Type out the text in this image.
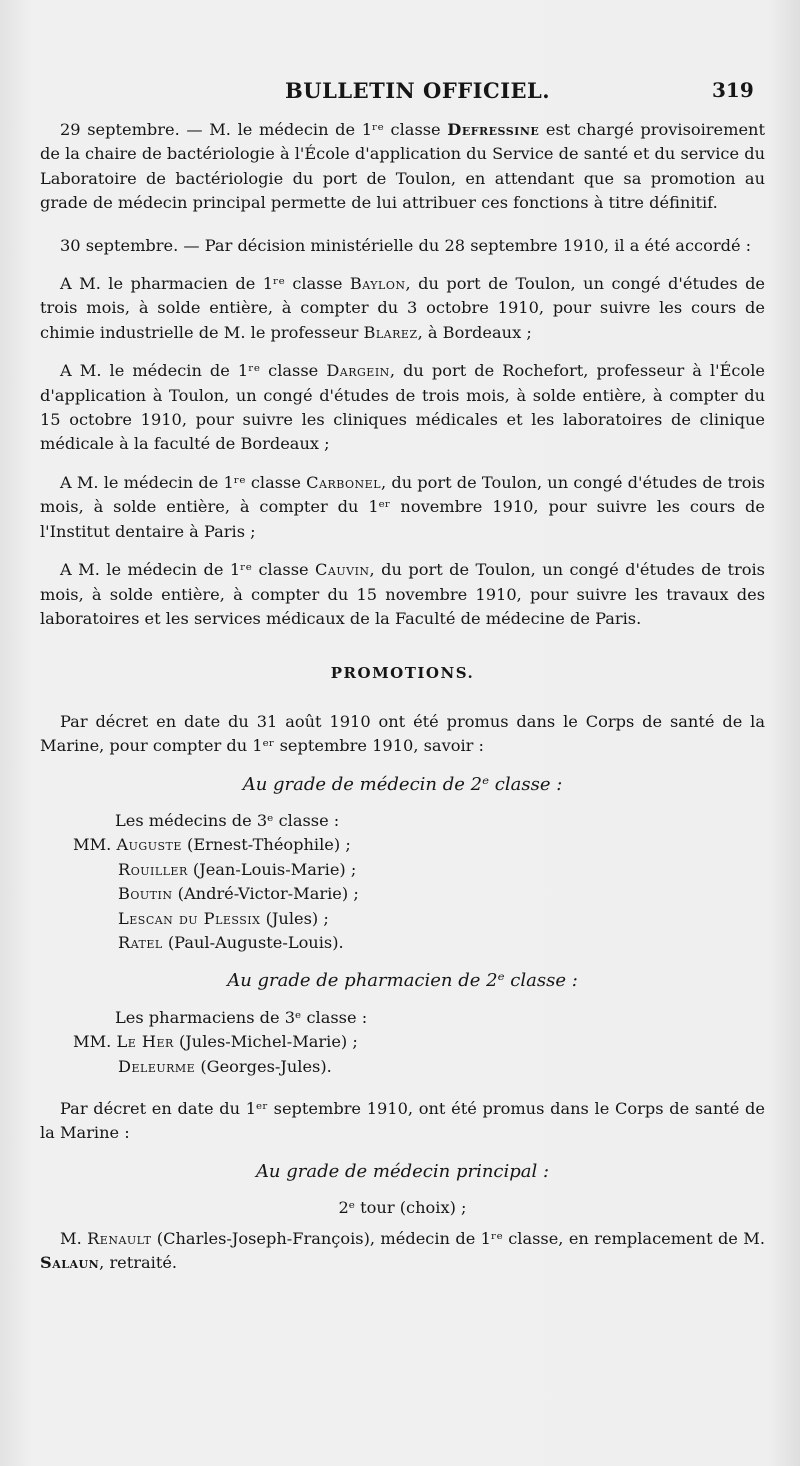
BULLETIN OFFICIEL.	319

29 septembre. — M. le médecin de 1ʳᵉ classe Defressine est chargé provisoirement de la chaire de bactériologie à l'École d'application du Service de santé et du service du Laboratoire de bactériologie du port de Toulon, en attendant que sa promotion au grade de médecin principal permette de lui attribuer ces fonctions à titre définitif.

30 septembre. — Par décision ministérielle du 28 septembre 1910, il a été accordé :

A M. le pharmacien de 1ʳᵉ classe Baylon, du port de Toulon, un congé d'études de trois mois, à solde entière, à compter du 3 octobre 1910, pour suivre les cours de chimie industrielle de M. le professeur Blarez, à Bordeaux ;

A M. le médecin de 1ʳᵉ classe Dargein, du port de Rochefort, professeur à l'École d'application à Toulon, un congé d'études de trois mois, à solde entière, à compter du 15 octobre 1910, pour suivre les cliniques médicales et les laboratoires de clinique médicale à la faculté de Bordeaux ;

A M. le médecin de 1ʳᵉ classe Carbonel, du port de Toulon, un congé d'études de trois mois, à solde entière, à compter du 1ᵉʳ novembre 1910, pour suivre les cours de l'Institut dentaire à Paris ;

A M. le médecin de 1ʳᵉ classe Cauvin, du port de Toulon, un congé d'études de trois mois, à solde entière, à compter du 15 novembre 1910, pour suivre les travaux des laboratoires et les services médicaux de la Faculté de médecine de Paris.

PROMOTIONS.

Par décret en date du 31 août 1910 ont été promus dans le Corps de santé de la Marine, pour compter du 1ᵉʳ septembre 1910, savoir :

Au grade de médecin de 2ᵉ classe :

Les médecins de 3ᵉ classe :

MM. Auguste (Ernest-Théophile) ;

Rouiller (Jean-Louis-Marie) ;

Boutin (André-Victor-Marie) ;

Lescan du Plessix (Jules) ;

Ratel (Paul-Auguste-Louis).

Au grade de pharmacien de 2ᵉ classe :

Les pharmaciens de 3ᵉ classe :

MM. Le Her (Jules-Michel-Marie) ;

Deleurme (Georges-Jules).

Par décret en date du 1ᵉʳ septembre 1910, ont été promus dans le Corps de santé de la Marine :

Au grade de médecin principal :

2ᵉ tour (choix) ;

M. Renault (Charles-Joseph-François), médecin de 1ʳᵉ classe, en remplacement de M. Salaun, retraité.
